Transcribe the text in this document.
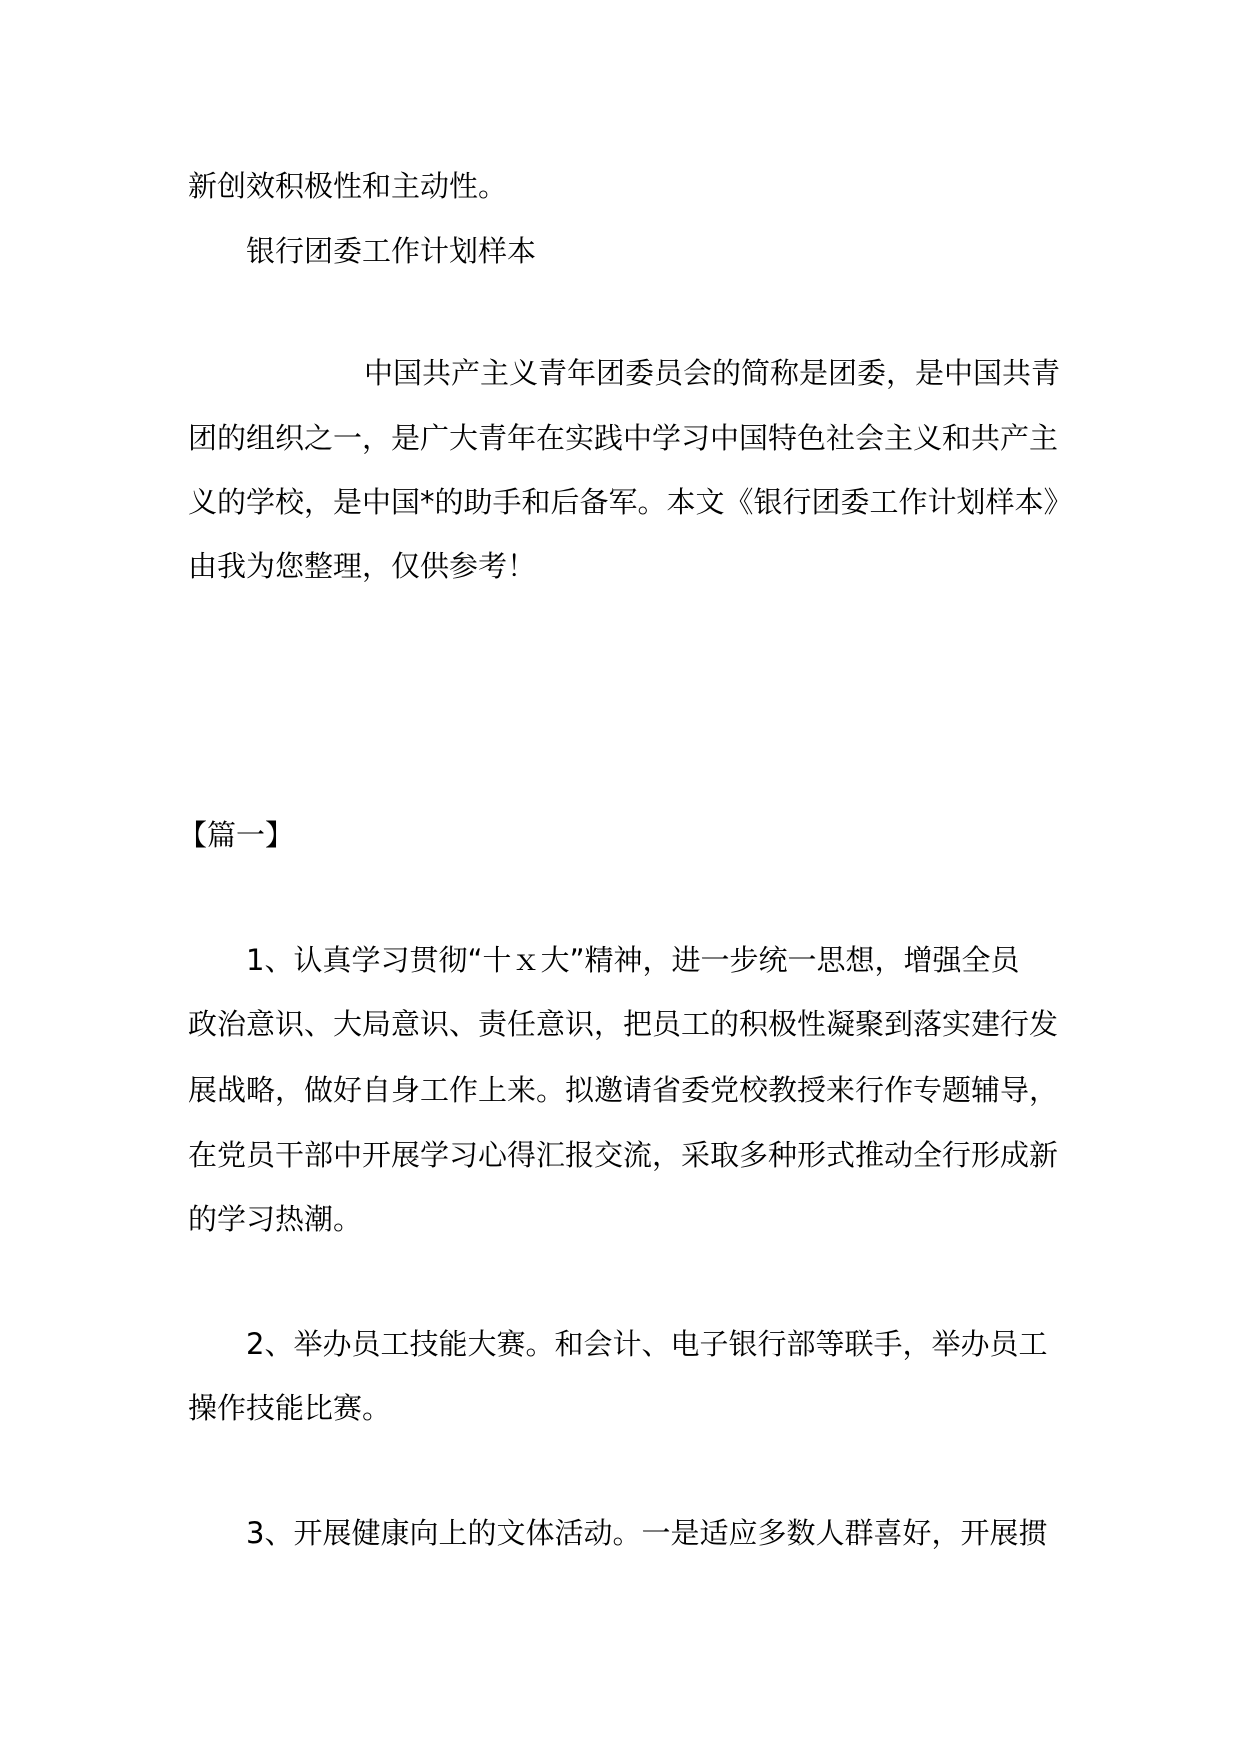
新创效积极性和主动性。
银行团委工作计划样本
中国共产主义青年团委员会的简称是团委，是中国共青
团的组织之一，是广大青年在实践中学习中国特色社会主义和共产主
义的学校，是中国*的助手和后备军。本文《银行团委工作计划样本》
由我为您整理，仅供参考！
【篇一】
1、认真学习贯彻“十ｘ大”精神，进一步统一思想，增强全员
政治意识、大局意识、责任意识，把员工的积极性凝聚到落实建行发
展战略，做好自身工作上来。拟邀请省委党校教授来行作专题辅导，
在党员干部中开展学习心得汇报交流，采取多种形式推动全行形成新
的学习热潮。
2、举办员工技能大赛。和会计、电子银行部等联手，举办员工
操作技能比赛。
3、开展健康向上的文体活动。一是适应多数人群喜好，开展掼
